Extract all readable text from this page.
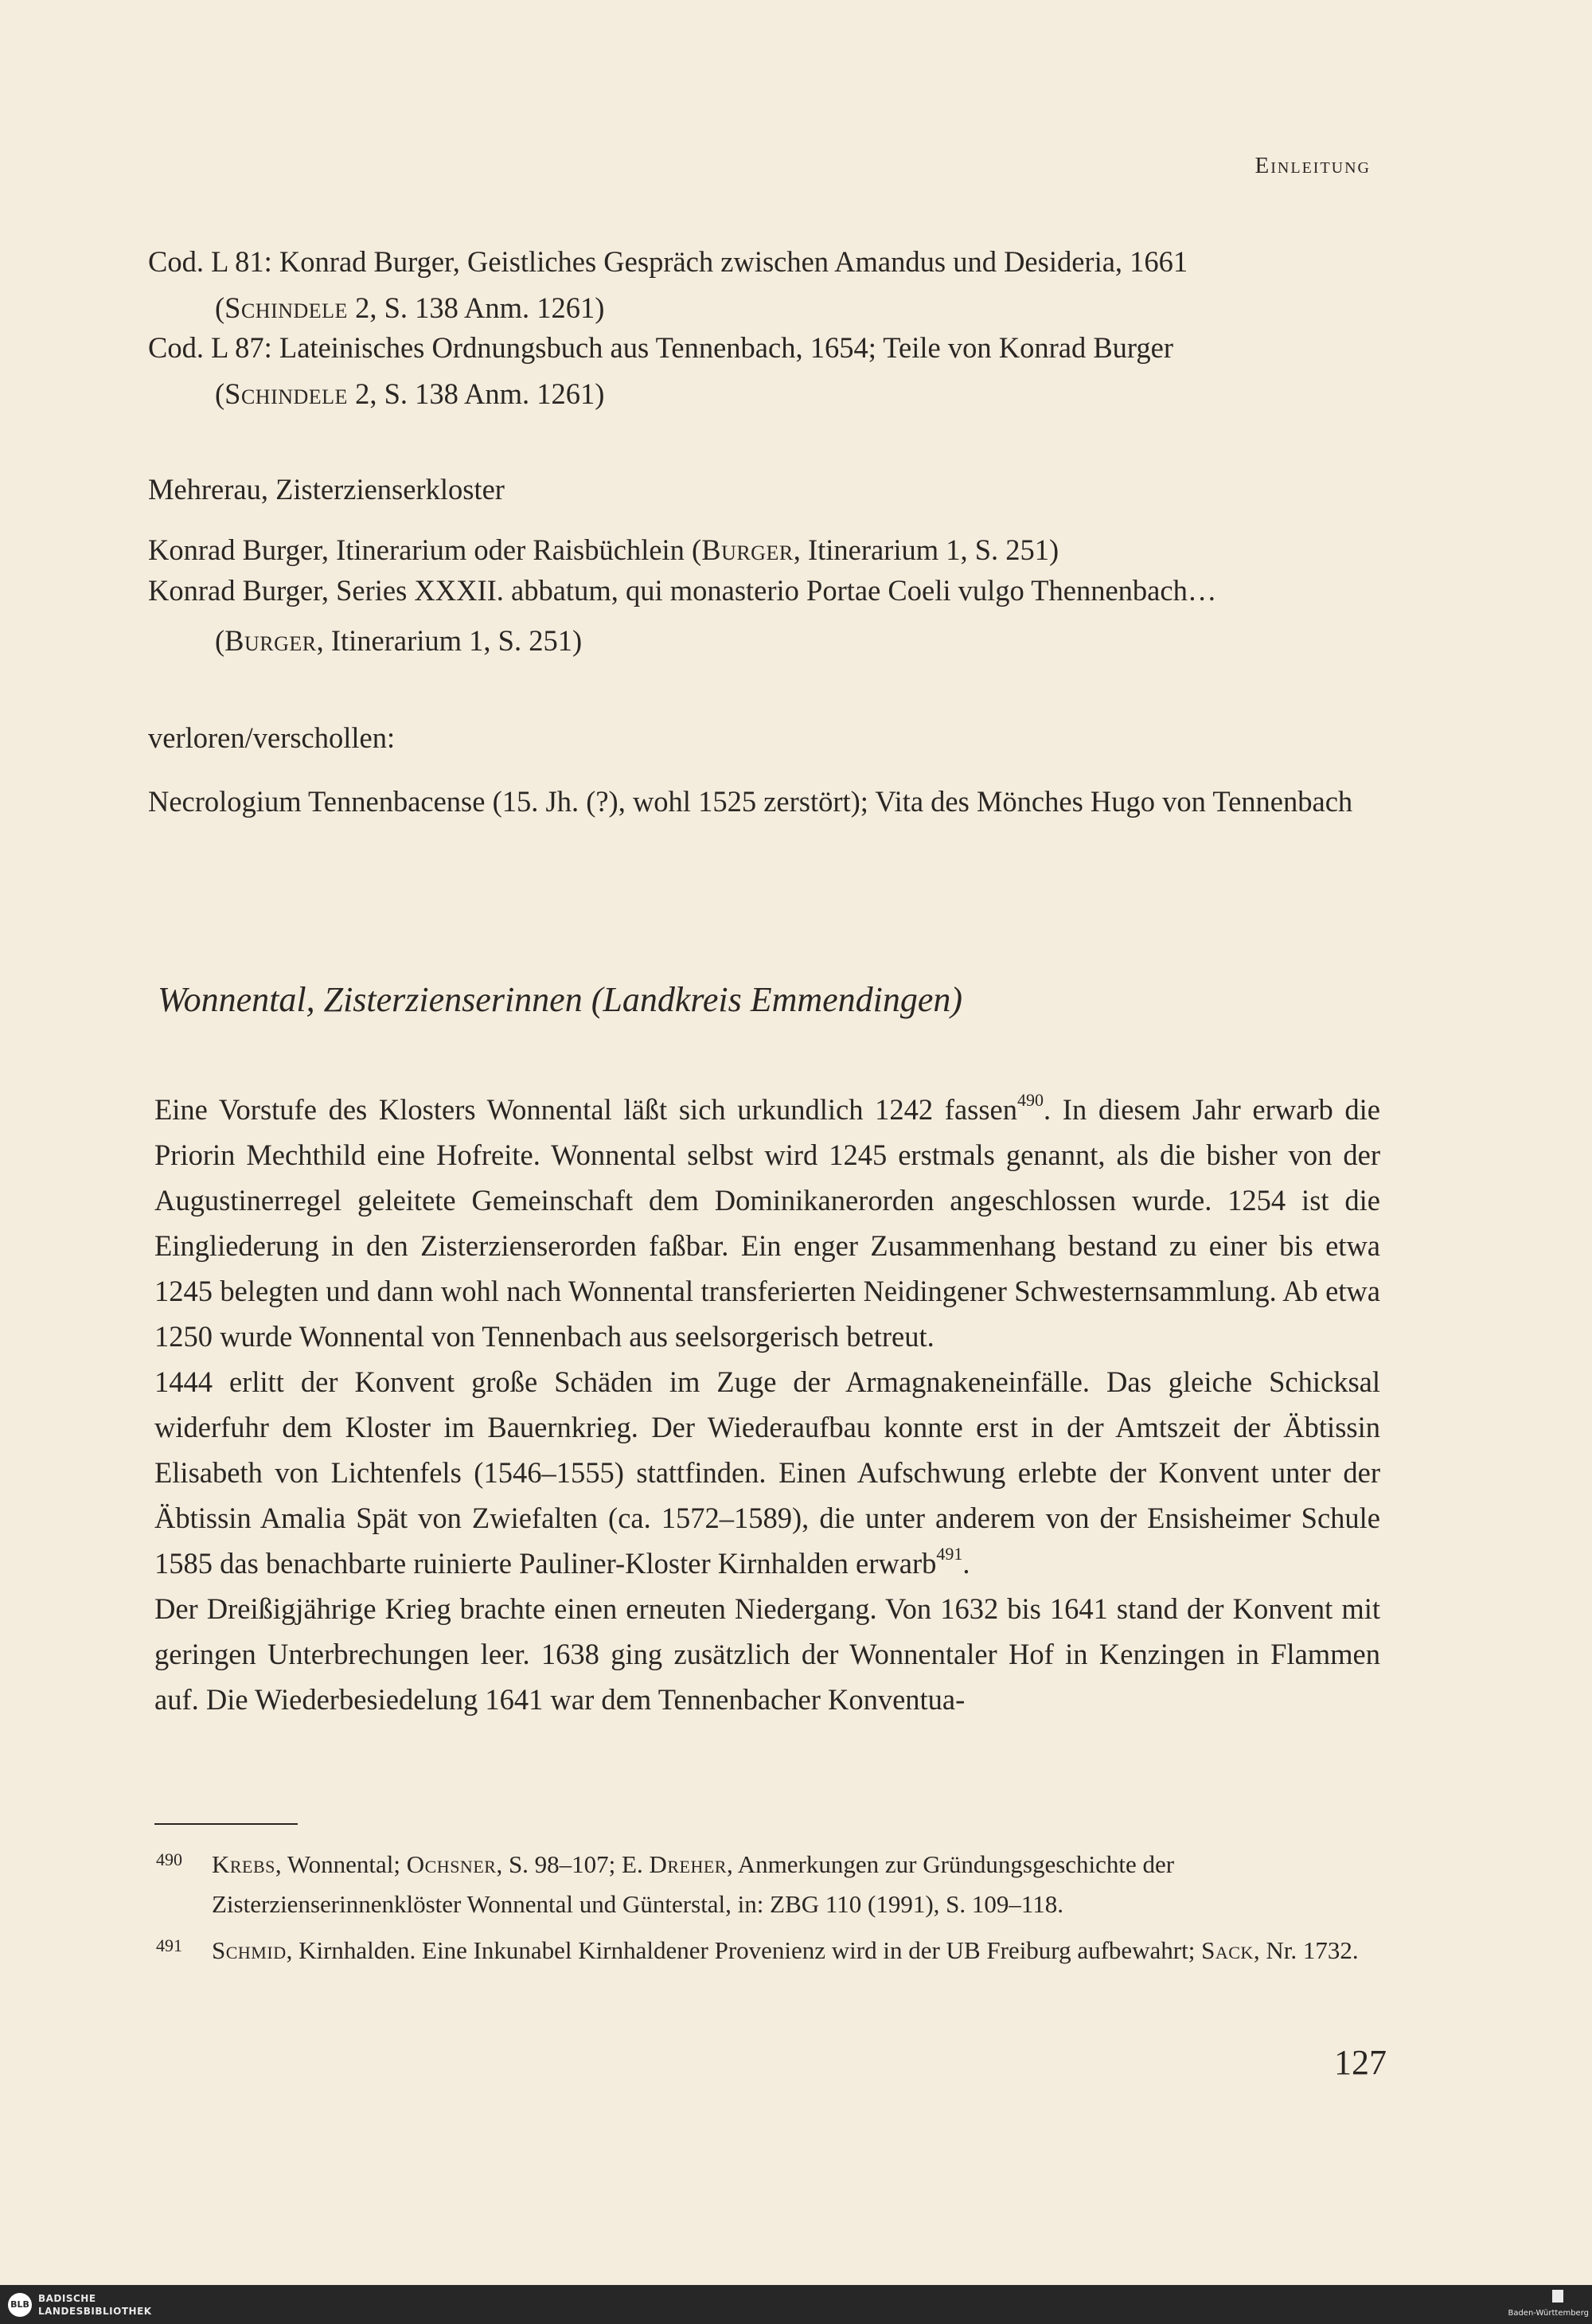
Einleitung
Cod. L 81: Konrad Burger, Geistliches Gespräch zwischen Amandus und Desideria, 1661
(Schindele 2, S. 138 Anm. 1261)
Cod. L 87: Lateinisches Ordnungsbuch aus Tennenbach, 1654; Teile von Konrad Burger
(Schindele 2, S. 138 Anm. 1261)
Mehrerau, Zisterzienserkloster
Konrad Burger, Itinerarium oder Raisbüchlein (Burger, Itinerarium 1, S. 251)
Konrad Burger, Series XXXII. abbatum, qui monasterio Portae Coeli vulgo Thennenbach…
(Burger, Itinerarium 1, S. 251)
verloren/verschollen:
Necrologium Tennenbacense (15. Jh. (?), wohl 1525 zerstört); Vita des Mönches Hugo von Tennenbach
Wonnental, Zisterzienserinnen (Landkreis Emmendingen)

Eine Vorstufe des Klosters Wonnental läßt sich urkundlich 1242 fassen$^{490}$. In diesem Jahr erwarb die Priorin Mechthild eine Hofreite. Wonnental selbst wird 1245 erstmals genannt, als die bisher von der Augustinerregel geleitete Gemeinschaft dem Dominikanerorden angeschlossen wurde. 1254 ist die Eingliederung in den Zisterzienserorden faßbar. Ein enger Zusammenhang bestand zu einer bis etwa 1245 belegten und dann wohl nach Wonnental transferierten Neidingener Schwesternsammlung. Ab etwa 1250 wurde Wonnental von Tennenbach aus seelsorgerisch betreut.

1444 erlitt der Konvent große Schäden im Zuge der Armagnakeneinfälle. Das gleiche Schicksal widerfuhr dem Kloster im Bauernkrieg. Der Wiederaufbau konnte erst in der Amtszeit der Äbtissin Elisabeth von Lichtenfels (1546–1555) stattfinden. Einen Aufschwung erlebte der Konvent unter der Äbtissin Amalia Spät von Zwiefalten (ca. 1572–1589), die unter anderem von der Ensisheimer Schule 1585 das benachbarte ruinierte Pauliner-Kloster Kirnhalden erwarb$^{491}$.

Der Dreißigjährige Krieg brachte einen erneuten Niedergang. Von 1632 bis 1641 stand der Konvent mit geringen Unterbrechungen leer. 1638 ging zusätzlich der Wonnentaler Hof in Kenzingen in Flammen auf. Die Wiederbesiedelung 1641 war dem Tennenbacher Konventua-

490 Krebs, Wonnental; Ochsner, S. 98–107; E. Dreher, Anmerkungen zur Gründungsgeschichte der Zisterzienserinnenklöster Wonnental und Günterstal, in: ZBG 110 (1991), S. 109–118.
491 Schmid, Kirnhalden. Eine Inkunabel Kirnhaldener Provenienz wird in der UB Freiburg aufbewahrt; Sack, Nr. 1732.
127
BLB
BADISCHE
LANDESBIBLIOTHEK	Baden-Württemberg
